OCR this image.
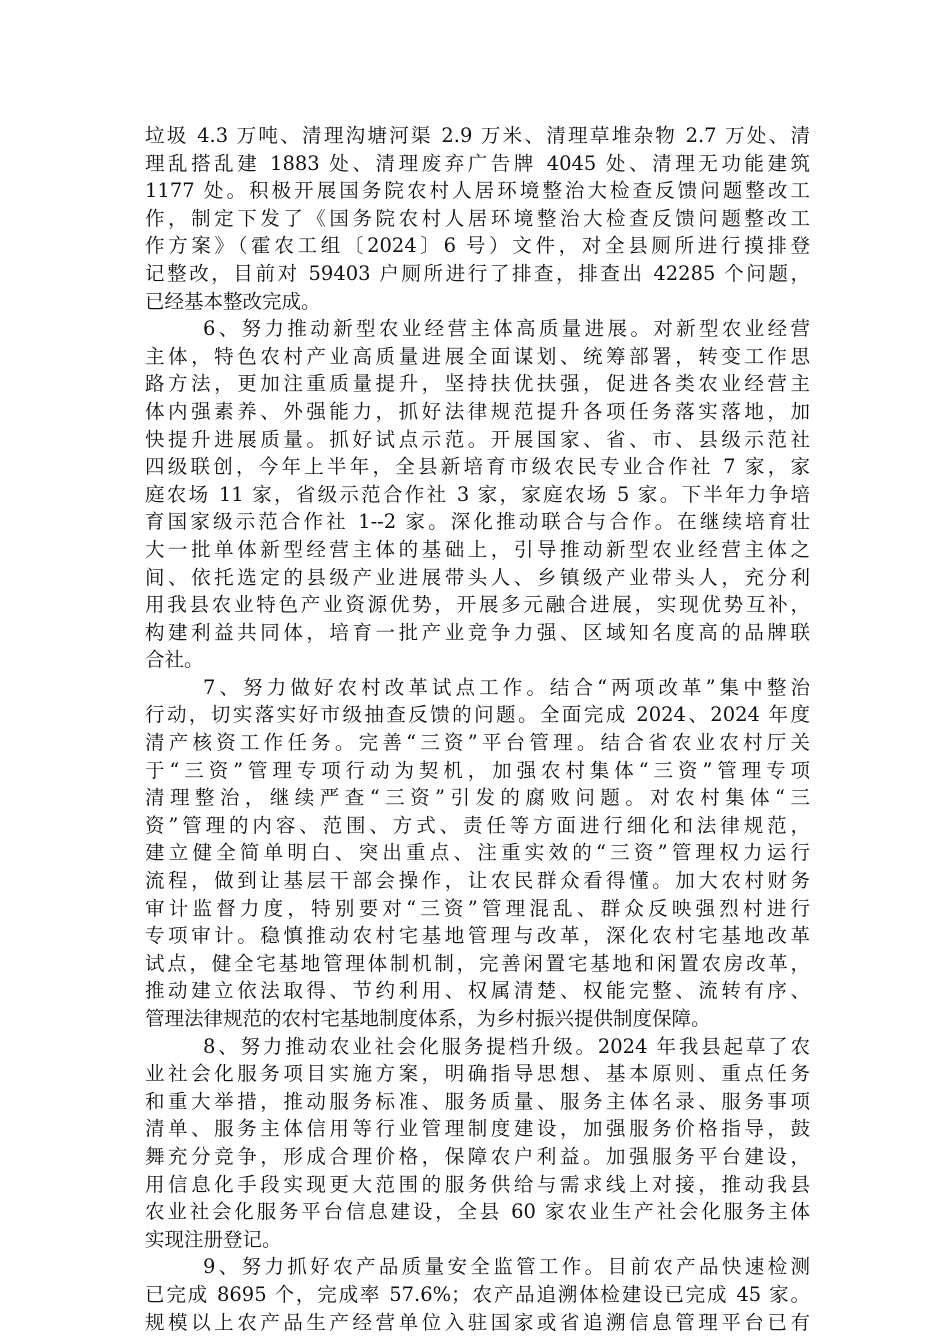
垃圾 4.3 万吨、清理沟塘河渠 2.9 万米、清理草堆杂物 2.7 万处、清
理乱搭乱建 1883 处、清理废弃广告牌 4045 处、清理无功能建筑
1177 处。积极开展国务院农村人居环境整治大检查反馈问题整改工
作，制定下发了《国务院农村人居环境整治大检查反馈问题整改工
作方案》（霍农工组〔2024〕6 号）文件，对全县厕所进行摸排登
记整改，目前对 59403 户厕所进行了排查，排查出 42285 个问题，
已经基本整改完成。
6、努力推动新型农业经营主体高质量进展。对新型农业经营
主体，特色农村产业高质量进展全面谋划、统筹部署，转变工作思
路方法，更加注重质量提升，坚持扶优扶强，促进各类农业经营主
体内强素养、外强能力，抓好法律规范提升各项任务落实落地，加
快提升进展质量。抓好试点示范。开展国家、省、市、县级示范社
四级联创，今年上半年，全县新培育市级农民专业合作社 7 家，家
庭农场 11 家，省级示范合作社 3 家，家庭农场 5 家。下半年力争培
育国家级示范合作社 1--2 家。深化推动联合与合作。在继续培育壮
大一批单体新型经营主体的基础上，引导推动新型农业经营主体之
间、依托选定的县级产业进展带头人、乡镇级产业带头人，充分利
用我县农业特色产业资源优势，开展多元融合进展，实现优势互补，
构建利益共同体，培育一批产业竞争力强、区域知名度高的品牌联
合社。
7、努力做好农村改革试点工作。结合“两项改革”集中整治
行动，切实落实好市级抽查反馈的问题。全面完成 2024、2024 年度
清产核资工作任务。完善“三资”平台管理。结合省农业农村厅关
于“三资”管理专项行动为契机，加强农村集体“三资”管理专项
清理整治，继续严查“三资”引发的腐败问题。对农村集体“三
资”管理的内容、范围、方式、责任等方面进行细化和法律规范，
建立健全简单明白、突出重点、注重实效的“三资”管理权力运行
流程，做到让基层干部会操作，让农民群众看得懂。加大农村财务
审计监督力度，特别要对“三资”管理混乱、群众反映强烈村进行
专项审计。稳慎推动农村宅基地管理与改革，深化农村宅基地改革
试点，健全宅基地管理体制机制，完善闲置宅基地和闲置农房改革，
推动建立依法取得、节约利用、权属清楚、权能完整、流转有序、
管理法律规范的农村宅基地制度体系，为乡村振兴提供制度保障。
8、努力推动农业社会化服务提档升级。2024 年我县起草了农
业社会化服务项目实施方案，明确指导思想、基本原则、重点任务
和重大举措，推动服务标准、服务质量、服务主体名录、服务事项
清单、服务主体信用等行业管理制度建设，加强服务价格指导，鼓
舞充分竞争，形成合理价格，保障农户利益。加强服务平台建设，
用信息化手段实现更大范围的服务供给与需求线上对接，推动我县
农业社会化服务平台信息建设，全县 60 家农业生产社会化服务主体
实现注册登记。
9、努力抓好农产品质量安全监管工作。目前农产品快速检测
已完成 8695 个，完成率 57.6%；农产品追溯体检建设已完成 45 家。
规模以上农产品生产经营单位入驻国家或省追溯信息管理平台已有
